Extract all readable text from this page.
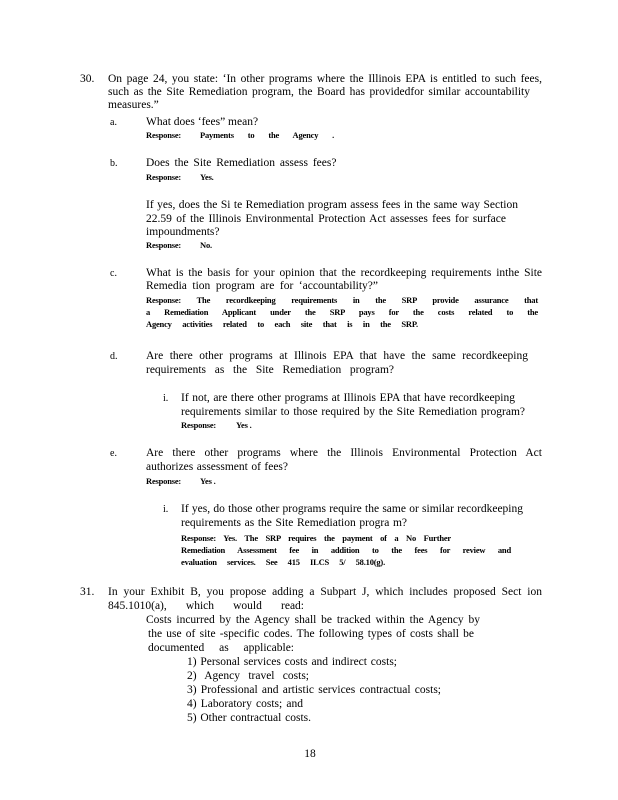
30. On page 24, you state: ‘In other programs where the Illinois EPA is entitled to such fees,
such as the Site Remediation program, the Board has providedfor similar accountability
measures.”
a.	What does ‘fees” mean?
Response: Payments to the Agency .
b. Does the Site Remediation assess fees?
Response: Yes.
If yes, does the Si te Remediation program assess fees in the same way Section
22.59 of the Illinois Environmental Protection Act assesses fees for surface
impoundments?
Response: No.
c.	What is the basis for your opinion that the recordkeeping requirements inthe Site
Remedia tion program are for ‘accountability?”
Response: The recordkeeping requirements in the SRP provide assurance that
a Remediation Applicant under the SRP pays for the costs related to the
Agency activities related to each site that is in the SRP.
d. Are there other programs at Illinois EPA that have the same recordkeeping
requirements as the Site Remediation program?
i. If not, are there other programs at Illinois EPA that have recordkeeping
requirements similar to those required by the Site Remediation program?
Response: Yes .
e.	Are there other programs where the Illinois Environmental Protection Act
authorizes assessment of fees?
Response: Yes .
i. If yes, do those other programs require the same or similar recordkeeping
requirements as the Site Remediation progra m?
Response: Yes. The SRP requires the payment of a No Further
Remediation Assessment fee in addition to the fees for review and
evaluation services. See 415 ILCS 5/ 58.10(g).
31. In your Exhibit B, you propose adding a Subpart J, which includes proposed Sect ion
845.1010(a), which would read:
Costs incurred by the Agency shall be tracked within the Agency by
the use of site -specific codes. The following types of costs shall be
documented as applicable:
1) Personal services costs and indirect costs;
2) Agency travel costs;
3) Professional and artistic services contractual costs;
4) Laboratory costs; and
5) Other contractual costs.
18
